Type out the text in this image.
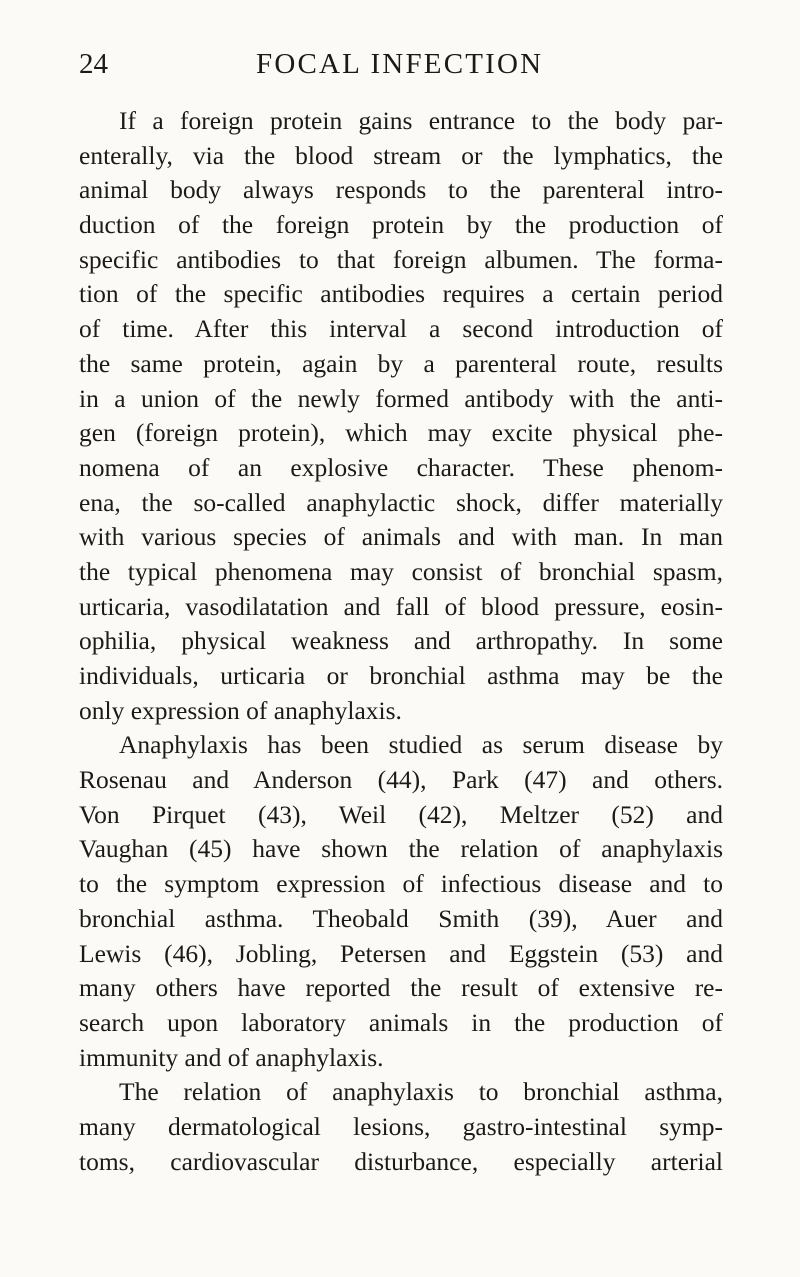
24	FOCAL INFECTION
If a foreign protein gains entrance to the body par-
enterally, via the blood stream or the lymphatics, the
animal body always responds to the parenteral intro-
duction of the foreign protein by the production of
specific antibodies to that foreign albumen. The forma-
tion of the specific antibodies requires a certain period
of time. After this interval a second introduction of
the same protein, again by a parenteral route, results
in a union of the newly formed antibody with the anti-
gen (foreign protein), which may excite physical phe-
nomena of an explosive character. These phenom-
ena, the so-called anaphylactic shock, differ materially
with various species of animals and with man. In man
the typical phenomena may consist of bronchial spasm,
urticaria, vasodilatation and fall of blood pressure, eosin-
ophilia, physical weakness and arthropathy. In some
individuals, urticaria or bronchial asthma may be the
only expression of anaphylaxis.
Anaphylaxis has been studied as serum disease by
Rosenau and Anderson (44), Park (47) and others.
Von Pirquet (43), Weil (42), Meltzer (52) and
Vaughan (45) have shown the relation of anaphylaxis
to the symptom expression of infectious disease and to
bronchial asthma. Theobald Smith (39), Auer and
Lewis (46), Jobling, Petersen and Eggstein (53) and
many others have reported the result of extensive re-
search upon laboratory animals in the production of
immunity and of anaphylaxis.
The relation of anaphylaxis to bronchial asthma,
many dermatological lesions, gastro-intestinal symp-
toms, cardiovascular disturbance, especially arterial
